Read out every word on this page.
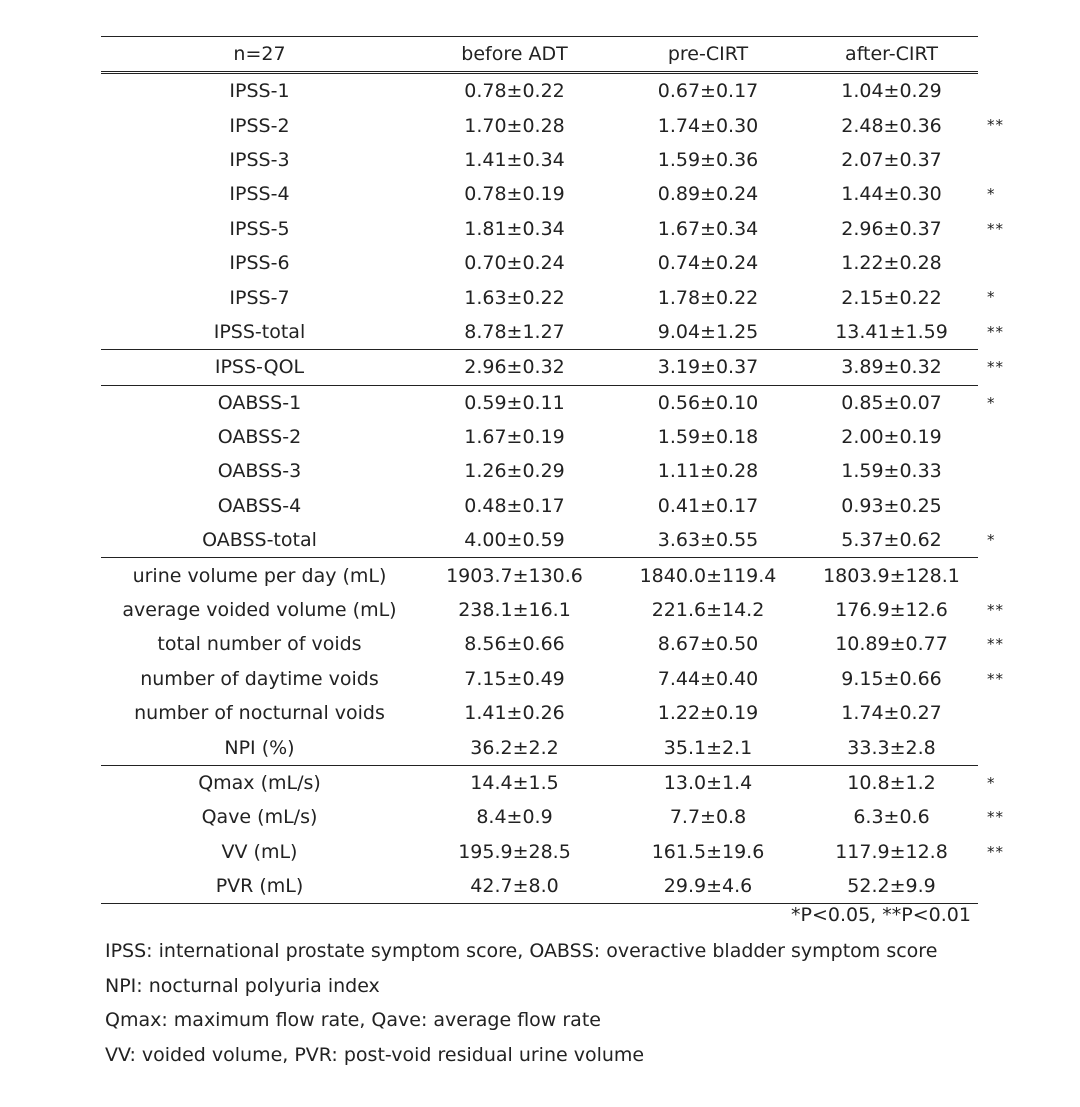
n=27	before ADT	pre-CIRT	after-CIRT
IPSS-1	0.78±0.22	0.67±0.17	1.04±0.29
IPSS-2	1.70±0.28	1.74±0.30	2.48±0.36 **

IPSS-3	1.41±0.34	1.59±0.36	2.07±0.37
IPSS-4	0.78±0.19	0.89±0.24	1.44±0.30 *

IPSS-5	1.81±0.34	1.67±0.34	2.96±0.37 **

IPSS-6	0.70±0.24	0.74±0.24	1.22±0.28
IPSS-7	1.63±0.22	1.78±0.22	2.15±0.22 *

IPSS-total	8.78±1.27	9.04±1.25	13.41±1.59 **

IPSS-QOL	2.96±0.32	3.19±0.37	3.89±0.32 **

OABSS-1	0.59±0.11	0.56±0.10	0.85±0.07 *

OABSS-2	1.67±0.19	1.59±0.18	2.00±0.19
OABSS-3	1.26±0.29	1.11±0.28	1.59±0.33
OABSS-4	0.48±0.17	0.41±0.17	0.93±0.25
OABSS-total	4.00±0.59	3.63±0.55	5.37±0.62 *

urine volume per day (mL)	1903.7±130.6	1840.0±119.4	1803.9±128.1
average voided volume (mL)	238.1±16.1	221.6±14.2	176.9±12.6 **

total number of voids	8.56±0.66	8.67±0.50	10.89±0.77 **

number of daytime voids	7.15±0.49	7.44±0.40	9.15±0.66 **

number of nocturnal voids	1.41±0.26	1.22±0.19	1.74±0.27
NPI (%)	36.2±2.2	35.1±2.1	33.3±2.8
Qmax (mL/s)	14.4±1.5	13.0±1.4	10.8±1.2 *

Qave (mL/s)	8.4±0.9	7.7±0.8	6.3±0.6 **

VV (mL)	195.9±28.5	161.5±19.6	117.9±12.8 **

PVR (mL)	42.7±8.0	29.9±4.6	52.2±9.9
*P<0.05, **P<0.01
IPSS: international prostate symptom score, OABSS: overactive bladder symptom score
NPI: nocturnal polyuria index
Qmax: maximum flow rate, Qave: average flow rate
VV: voided volume, PVR: post-void residual urine volume
